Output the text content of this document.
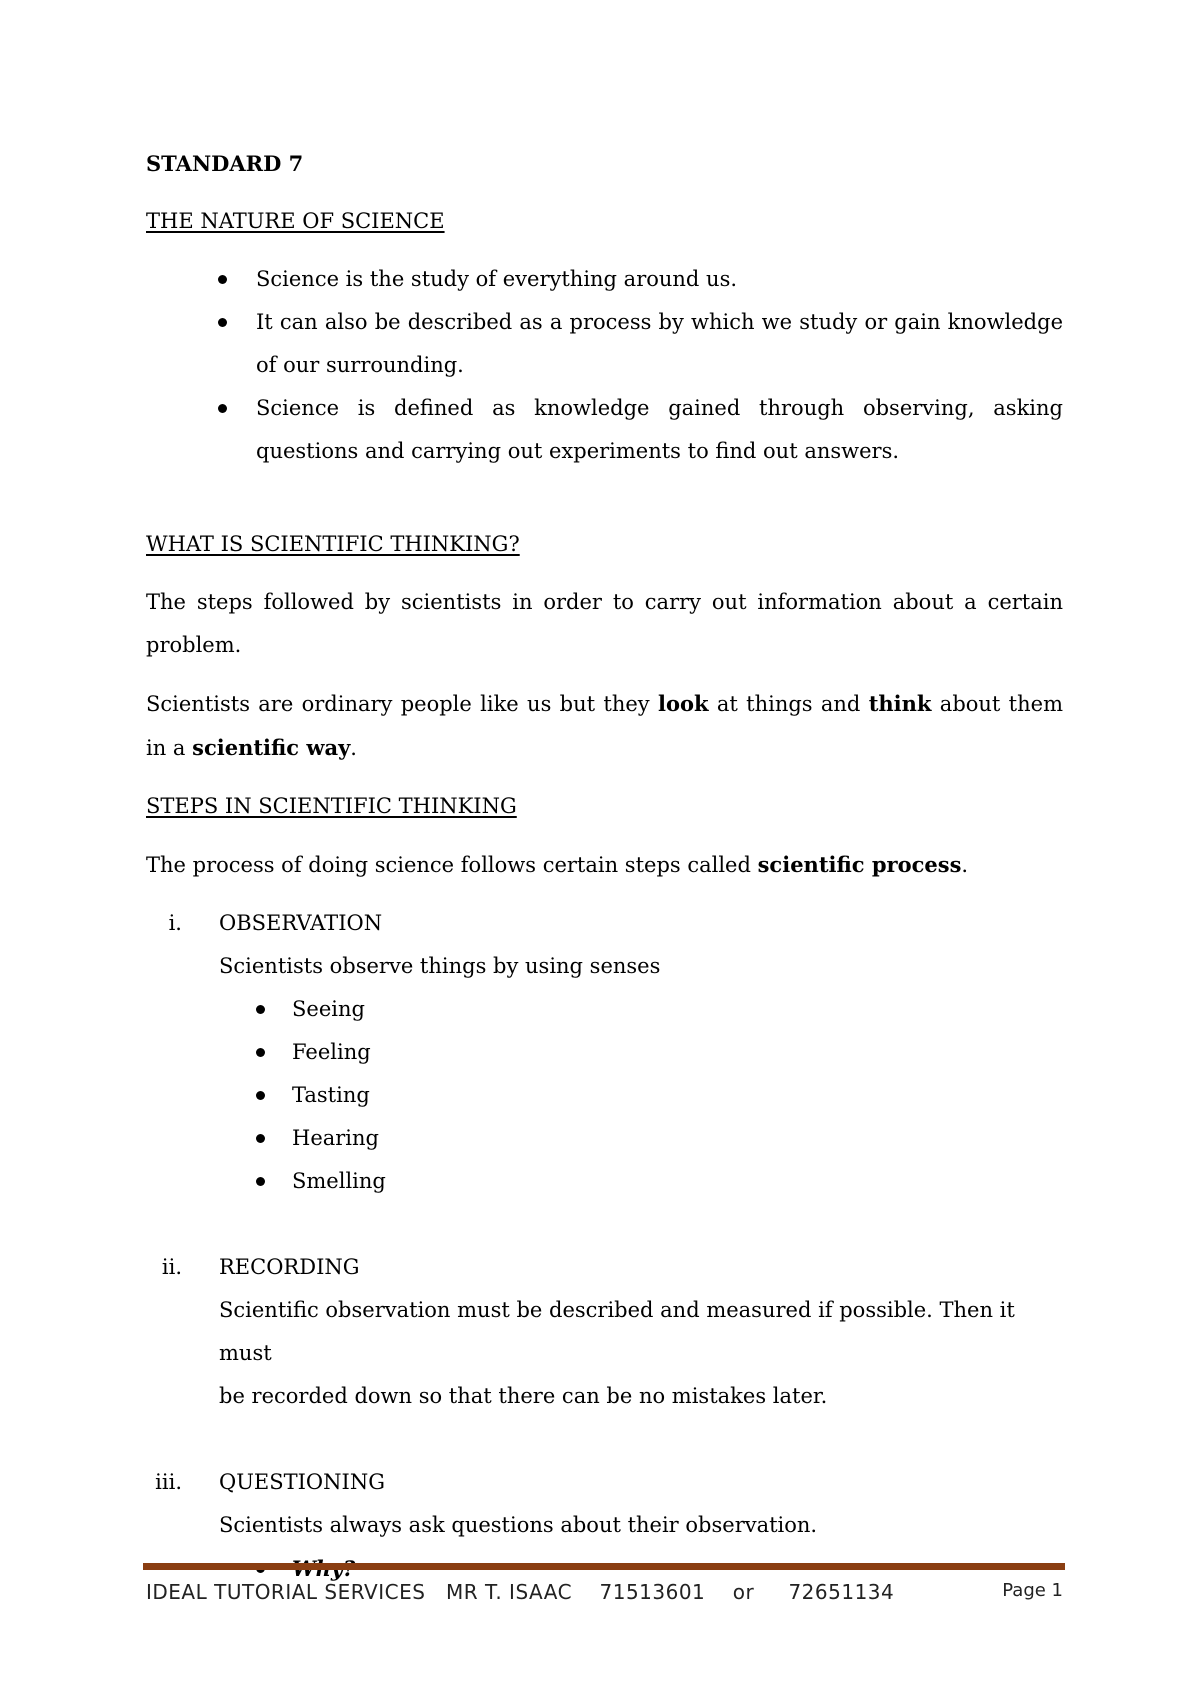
STANDARD 7

THE NATURE OF SCIENCE

Science is the study of everything around us.
It can also be described as a process by which we study or gain knowledge of our surrounding.
Science is defined as knowledge gained through observing, asking questions and carrying out experiments to find out answers.

WHAT IS SCIENTIFIC THINKING?

The steps followed by scientists in order to carry out information about a certain problem.

Scientists are ordinary people like us but they look at things and think about them in a scientific way.

STEPS IN SCIENTIFIC THINKING

The process of doing science follows certain steps called scientific process.

i. OBSERVATION
Scientists observe things by using senses
Seeing
Feeling
Tasting
Hearing
Smelling
ii. RECORDING
Scientific observation must be described and measured if possible. Then it must
be recorded down so that there can be no mistakes later.
iii. QUESTIONING
Scientists always ask questions about their observation.
IDEAL TUTORIAL SERVICES   MR T. ISAAC    71513601    or     72651134	Page 1
